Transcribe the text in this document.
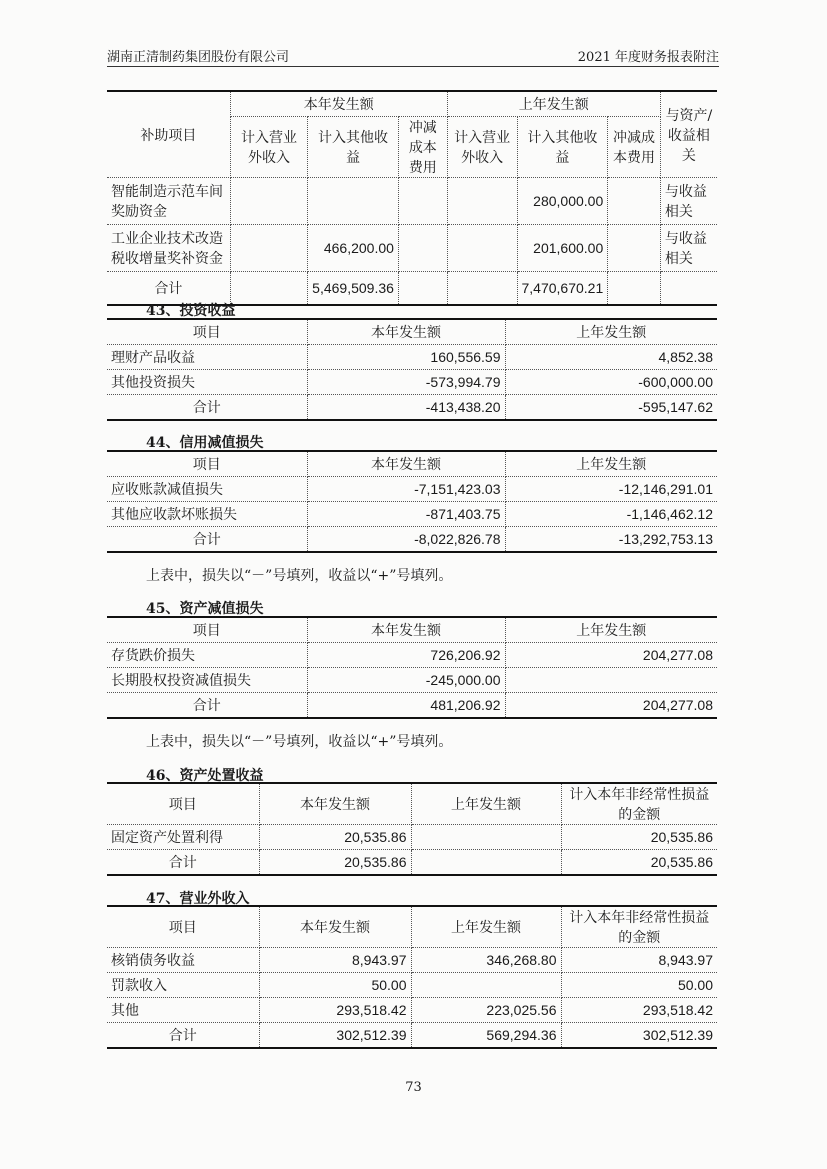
湖南正清制药集团股份有限公司	2021 年度财务报表附注
补助项目	本年发生额			上年发生额			与资产/收益相关
	计入营业外收入	计入其他收益	冲减成本费用	计入营业外收入	计入其他收益	冲减成本费用	
智能制造示范车间奖励资金					280,000.00		与收益相关
工业企业技术改造税收增量奖补资金		466,200.00			201,600.00		与收益相关
合计		5,469,509.36			7,470,670.21		
43、投资收益
项目	本年发生额	上年发生额
理财产品收益	160,556.59	4,852.38
其他投资损失	-573,994.79	-600,000.00
合计	-413,438.20	-595,147.62
44、信用减值损失
项目	本年发生额	上年发生额
应收账款减值损失	-7,151,423.03	-12,146,291.01
其他应收款坏账损失	-871,403.75	-1,146,462.12
合计	-8,022,826.78	-13,292,753.13
上表中，损失以“－”号填列，收益以“+”号填列。
45、资产减值损失
项目	本年发生额	上年发生额
存货跌价损失	726,206.92	204,277.08
长期股权投资减值损失	-245,000.00	
合计	481,206.92	204,277.08
上表中，损失以“－”号填列，收益以“+”号填列。
46、资产处置收益
项目	本年发生额	上年发生额	计入本年非经常性损益的金额
固定资产处置利得	20,535.86		20,535.86
合计	20,535.86		20,535.86
47、营业外收入
项目	本年发生额	上年发生额	计入本年非经常性损益的金额
核销债务收益	8,943.97	346,268.80	8,943.97
罚款收入	50.00		50.00
其他	293,518.42	223,025.56	293,518.42
合计	302,512.39	569,294.36	302,512.39
73
